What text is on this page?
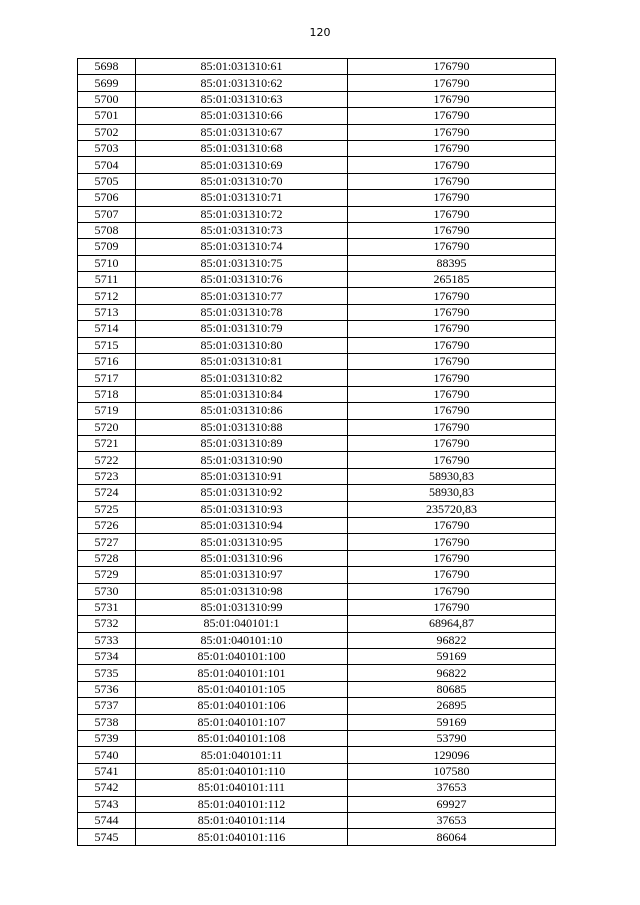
120
5698	85:01:031310:61	176790
5699	85:01:031310:62	176790
5700	85:01:031310:63	176790
5701	85:01:031310:66	176790
5702	85:01:031310:67	176790
5703	85:01:031310:68	176790
5704	85:01:031310:69	176790
5705	85:01:031310:70	176790
5706	85:01:031310:71	176790
5707	85:01:031310:72	176790
5708	85:01:031310:73	176790
5709	85:01:031310:74	176790
5710	85:01:031310:75	88395
5711	85:01:031310:76	265185
5712	85:01:031310:77	176790
5713	85:01:031310:78	176790
5714	85:01:031310:79	176790
5715	85:01:031310:80	176790
5716	85:01:031310:81	176790
5717	85:01:031310:82	176790
5718	85:01:031310:84	176790
5719	85:01:031310:86	176790
5720	85:01:031310:88	176790
5721	85:01:031310:89	176790
5722	85:01:031310:90	176790
5723	85:01:031310:91	58930,83
5724	85:01:031310:92	58930,83
5725	85:01:031310:93	235720,83
5726	85:01:031310:94	176790
5727	85:01:031310:95	176790
5728	85:01:031310:96	176790
5729	85:01:031310:97	176790
5730	85:01:031310:98	176790
5731	85:01:031310:99	176790
5732	85:01:040101:1	68964,87
5733	85:01:040101:10	96822
5734	85:01:040101:100	59169
5735	85:01:040101:101	96822
5736	85:01:040101:105	80685
5737	85:01:040101:106	26895
5738	85:01:040101:107	59169
5739	85:01:040101:108	53790
5740	85:01:040101:11	129096
5741	85:01:040101:110	107580
5742	85:01:040101:111	37653
5743	85:01:040101:112	69927
5744	85:01:040101:114	37653
5745	85:01:040101:116	86064
